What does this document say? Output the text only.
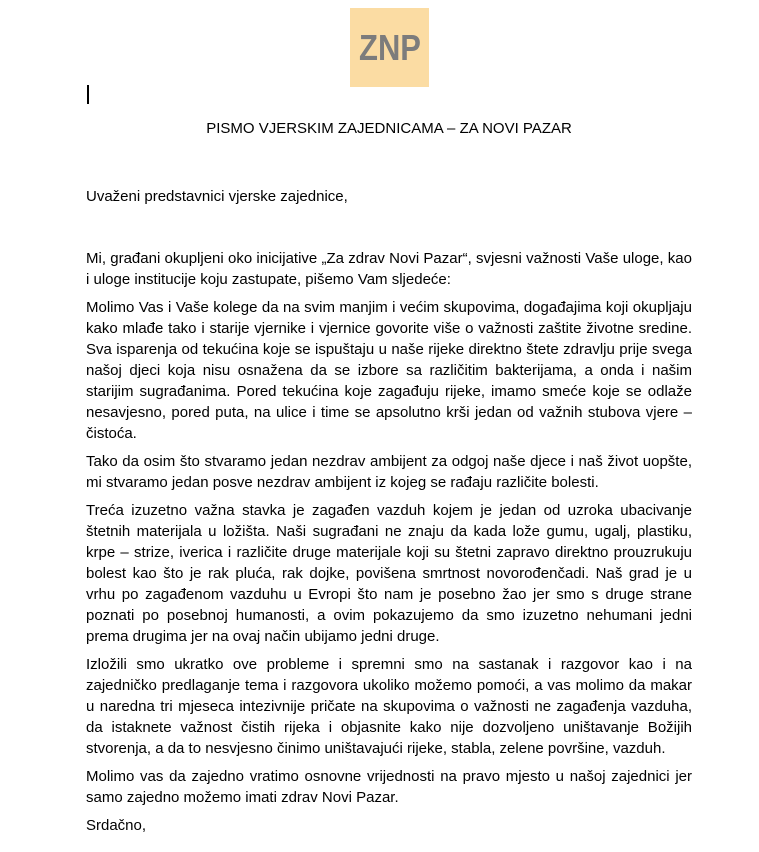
ZNP
PISMO VJERSKIM ZAJEDNICAMA – ZA NOVI PAZAR

Uvaženi predstavnici vjerske zajednice,

Mi, građani okupljeni oko inicijative „Za zdrav Novi Pazar“, svjesni važnosti Vaše uloge, kao i uloge institucije koju zastupate, pišemo Vam sljedeće:

Molimo Vas i Vaše kolege da na svim manjim i većim skupovima, događajima koji okupljaju kako mlađe tako i starije vjernike i vjernice govorite više o važnosti zaštite životne sredine. Sva isparenja od tekućina koje se ispuštaju u naše rijeke direktno štete zdravlju prije svega našoj djeci koja nisu osnažena da se izbore sa različitim bakterijama, a onda i našim starijim sugrađanima. Pored tekućina koje zagađuju rijeke, imamo smeće koje se odlaže nesavjesno, pored puta, na ulice i time se apsolutno krši jedan od važnih stubova vjere – čistoća.

Tako da osim što stvaramo jedan nezdrav ambijent za odgoj naše djece i naš život uopšte, mi stvaramo jedan posve nezdrav ambijent iz kojeg se rađaju različite bolesti.

Treća izuzetno važna stavka je zagađen vazduh kojem je jedan od uzroka ubacivanje štetnih materijala u ložišta. Naši sugrađani ne znaju da kada lože gumu, ugalj, plastiku, krpe – strize, iverica i različite druge materijale koji su štetni zapravo direktno prouzrukuju bolest kao što je rak pluća, rak dojke, povišena smrtnost novorođenčadi. Naš grad je u vrhu po zagađenom vazduhu u Evropi što nam je posebno žao jer smo s druge strane poznati po posebnoj humanosti, a ovim pokazujemo da smo izuzetno nehumani jedni prema drugima jer na ovaj način ubijamo jedni druge.

Izložili smo ukratko ove probleme i spremni smo na sastanak i razgovor kao i na zajedničko predlaganje tema i razgovora ukoliko možemo pomoći, a vas molimo da makar u naredna tri mjeseca intezivnije pričate na skupovima o važnosti ne zagađenja vazduha, da istaknete važnost čistih rijeka i objasnite kako nije dozvoljeno uništavanje Božijih stvorenja, a da to nesvjesno činimo uništavajući rijeke, stabla, zelene površine, vazduh.

Molimo vas da zajedno vratimo osnovne vrijednosti na pravo mjesto u našoj zajednici jer samo zajedno možemo imati zdrav Novi Pazar.

Srdačno,
